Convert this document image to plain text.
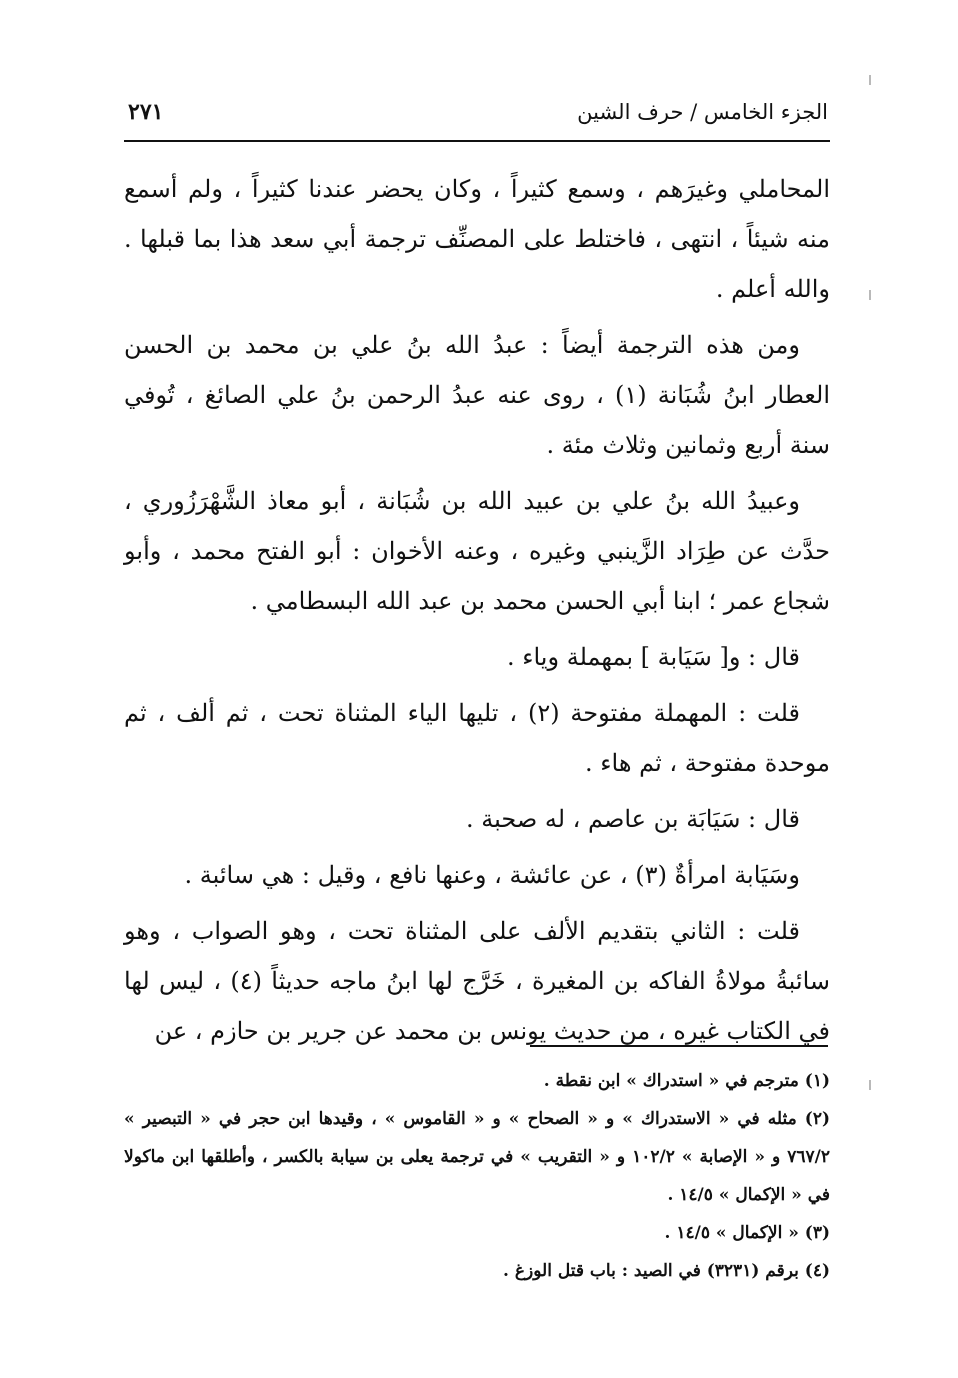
الجزء الخامس / حرف الشين
٢٧١

المحاملي وغيرَهم ، وسمع كثيراً ، وكان يحضر عندنا كثيراً ، ولم أسمع منه شيئاً ، انتهى ، فاختلط على المصنِّف ترجمة أبي سعد هذا بما قبلها . والله أعلم .

ومن هذه الترجمة أيضاً : عبدُ الله بنُ علي بن محمد بن الحسن العطار ابنُ شُبَانة (١) ، روى عنه عبدُ الرحمن بنُ علي الصائغ ، تُوفي سنة أربع وثمانين وثلاث مئة .

وعبيدُ الله بنُ علي بن عبيد الله بن شُبَانة ، أبو معاذ الشَّهْرَزُوري ، حدَّث عن طِرَاد الزَّينبي وغيره ، وعنه الأخوان : أبو الفتح محمد ، وأبو شجاع عمر ؛ ابنا أبي الحسن محمد بن عبد الله البسطامي .

قال : و[ سَيَابة ] بمهملة وياء .

قلت : المهملة مفتوحة (٢) ، تليها الياء المثناة تحت ، ثم ألف ، ثم موحدة مفتوحة ، ثم هاء .

قال : سَيَابَة بن عاصم ، له صحبة .

وسَيَابة امرأةٌ (٣) ، عن عائشة ، وعنها نافع ، وقيل : هي سائبة .

قلت : الثاني بتقديم الألف على المثناة تحت ، وهو الصواب ، وهو سائبةُ مولاةُ الفاكه بن المغيرة ، خَرَّج لها ابنُ ماجه حديثاً (٤) ، ليس لها في الكتاب غيره ، من حديث يونس بن محمد عن جرير بن حازم ، عن

(١) مترجم في « استدراك » ابن نقطة .

(٢) مثله في « الاستدراك » و « الصحاح » و « القاموس » ، وقيدها ابن حجر في « التبصير » ٧٦٧/٢ و « الإصابة » ١٠٢/٢ و « التقريب » في ترجمة يعلى بن سيابة بالكسر ، وأطلقها ابن ماكولا في « الإكمال » ١٤/٥ .

(٣) « الإكمال » ١٤/٥ .

(٤) برقم (٣٢٣١) في الصيد : باب قتل الوزغ .
